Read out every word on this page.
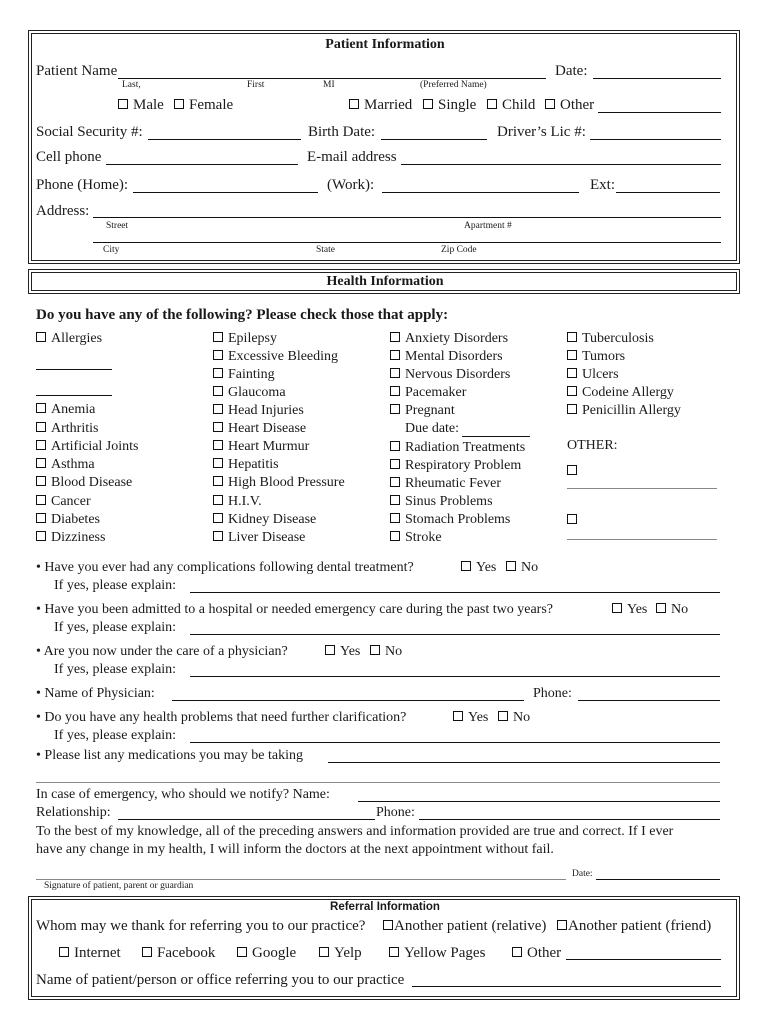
Patient Information
Patient Name	Date:
Last,	First	MI	(Preferred Name)
Male	Female	Married	Single	Child	Other
Social Security #:	Birth Date:	Driver’s Lic #:
Cell phone	E-mail address
Phone (Home):	(Work):	Ext:
Address:
Street	Apartment #
City	State	Zip Code
Health Information
Do you have any of the following? Please check those that apply:
Allergies
Anemia
Arthritis
Artificial Joints
Asthma
Blood Disease
Cancer
Diabetes
Dizziness
Epilepsy
Excessive Bleeding
Fainting
Glaucoma
Head Injuries
Heart Disease
Heart Murmur
Hepatitis
High Blood Pressure
H.I.V.
Kidney Disease
Liver Disease
Anxiety Disorders
Mental Disorders
Nervous Disorders
Pacemaker
Pregnant
Radiation Treatments
Respiratory Problem
Rheumatic Fever
Sinus Problems
Stomach Problems
Stroke
Tuberculosis
Tumors
Ulcers
Codeine Allergy
Penicillin Allergy
Due date:
OTHER:
• Have you ever had any complications following dental treatment?	Yes	No
If yes, please explain:
• Have you been admitted to a hospital or needed emergency care during the past two years?	Yes	No
If yes, please explain:
• Are you now under the care of a physician?	Yes	No
If yes, please explain:
• Name of Physician:	Phone:
• Do you have any health problems that need further clarification?	Yes	No
If yes, please explain:
• Please list any medications you may be taking
In case of emergency, who should we notify? Name:
Relationship:	Phone:
To the best of my knowledge, all of the preceding answers and information provided are true and correct. If I ever
have any change in my health, I will inform the doctors at the next appointment without fail.
Date:
Signature of patient, parent or guardian
Referral Information
Whom may we thank for referring you to our practice?	Another patient (relative)	Another patient (friend)
Internet	Facebook	Google	Yelp	Yellow Pages	Other
Name of patient/person or office referring you to our practice
